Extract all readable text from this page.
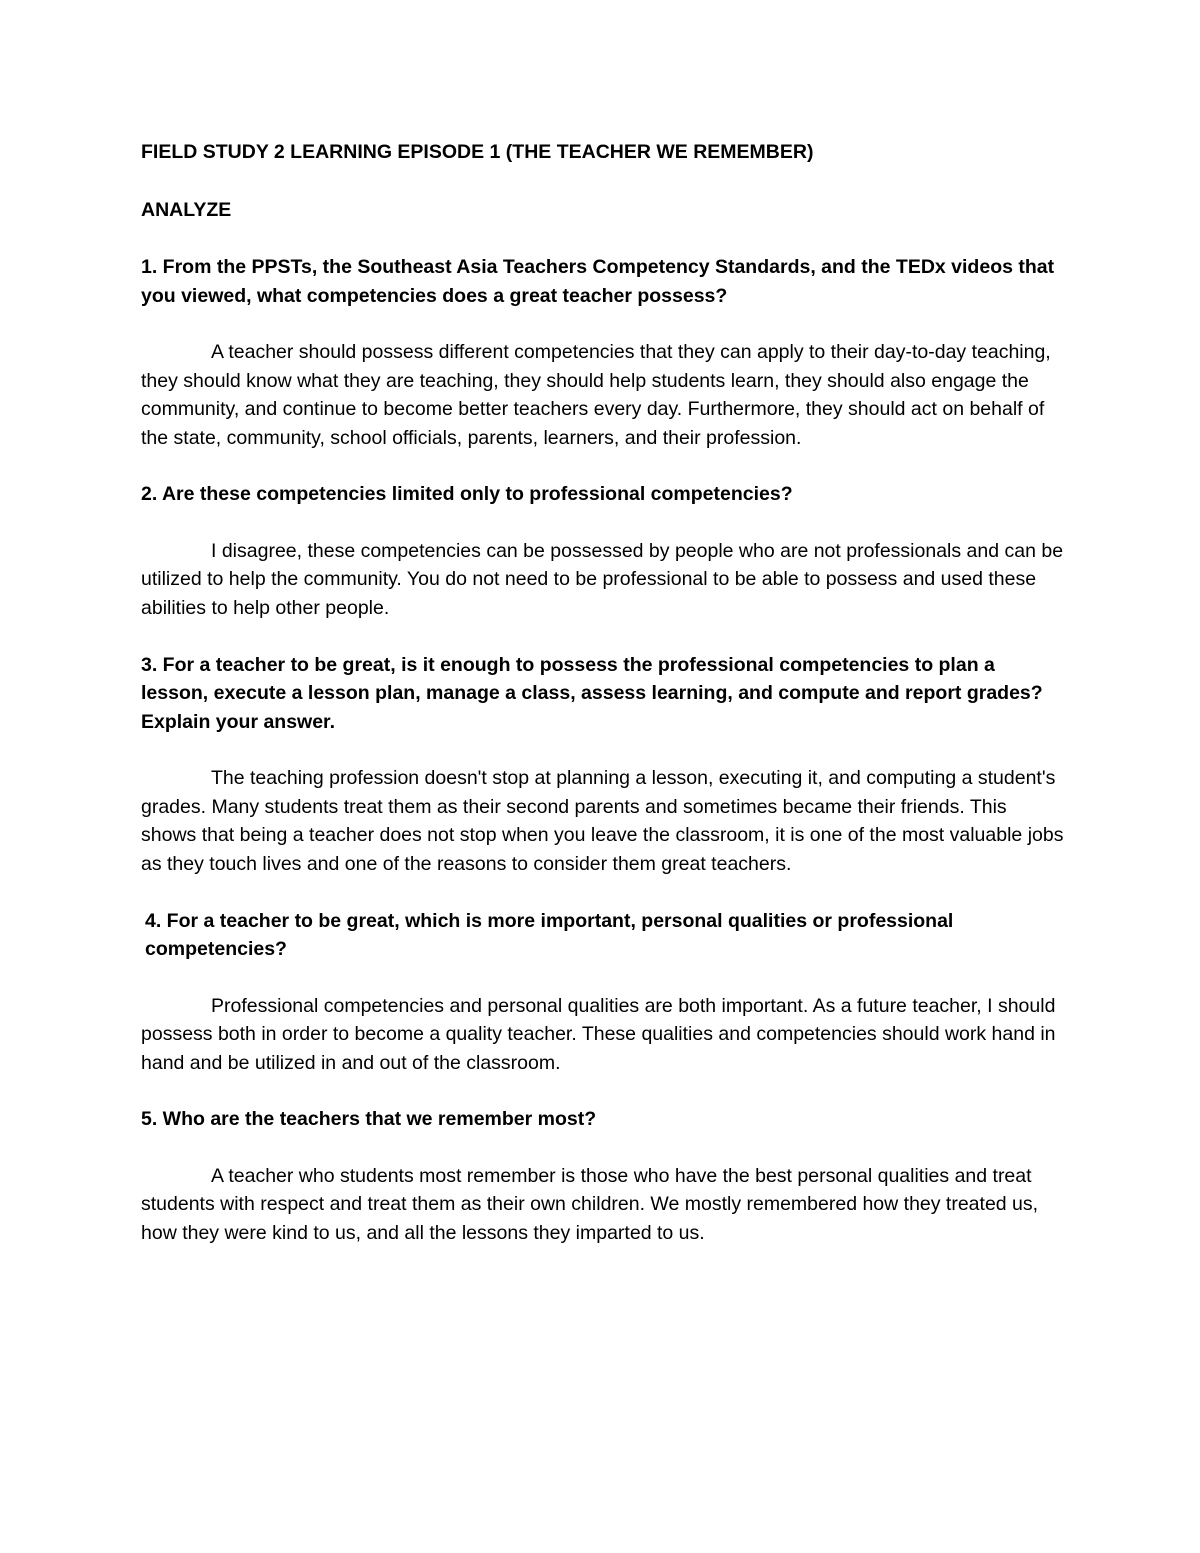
FIELD STUDY 2 LEARNING EPISODE 1 (THE TEACHER WE REMEMBER)
ANALYZE
1. From the PPSTs, the Southeast Asia Teachers Competency Standards, and the TEDx videos that you viewed, what competencies does a great teacher possess?
A teacher should possess different competencies that they can apply to their day-to-day teaching, they should know what they are teaching, they should help students learn, they should also engage the community, and continue to become better teachers every day. Furthermore, they should act on behalf of the state, community, school officials, parents, learners, and their profession.
2. Are these competencies limited only to professional competencies?
I disagree, these competencies can be possessed by people who are not professionals and can be utilized to help the community. You do not need to be professional to be able to possess and used these abilities to help other people.
3. For a teacher to be great, is it enough to possess the professional competencies to plan a lesson, execute a lesson plan, manage a class, assess learning, and compute and report grades? Explain your answer.
The teaching profession doesn't stop at planning a lesson, executing it, and computing a student's grades. Many students treat them as their second parents and sometimes became their friends. This shows that being a teacher does not stop when you leave the classroom, it is one of the most valuable jobs as they touch lives and one of the reasons to consider them great teachers.
4. For a teacher to be great, which is more important, personal qualities or professional competencies?
Professional competencies and personal qualities are both important. As a future teacher, I should possess both in order to become a quality teacher. These qualities and competencies should work hand in hand and be utilized in and out of the classroom.
5. Who are the teachers that we remember most?
A teacher who students most remember is those who have the best personal qualities and treat students with respect and treat them as their own children. We mostly remembered how they treated us, how they were kind to us, and all the lessons they imparted to us.
